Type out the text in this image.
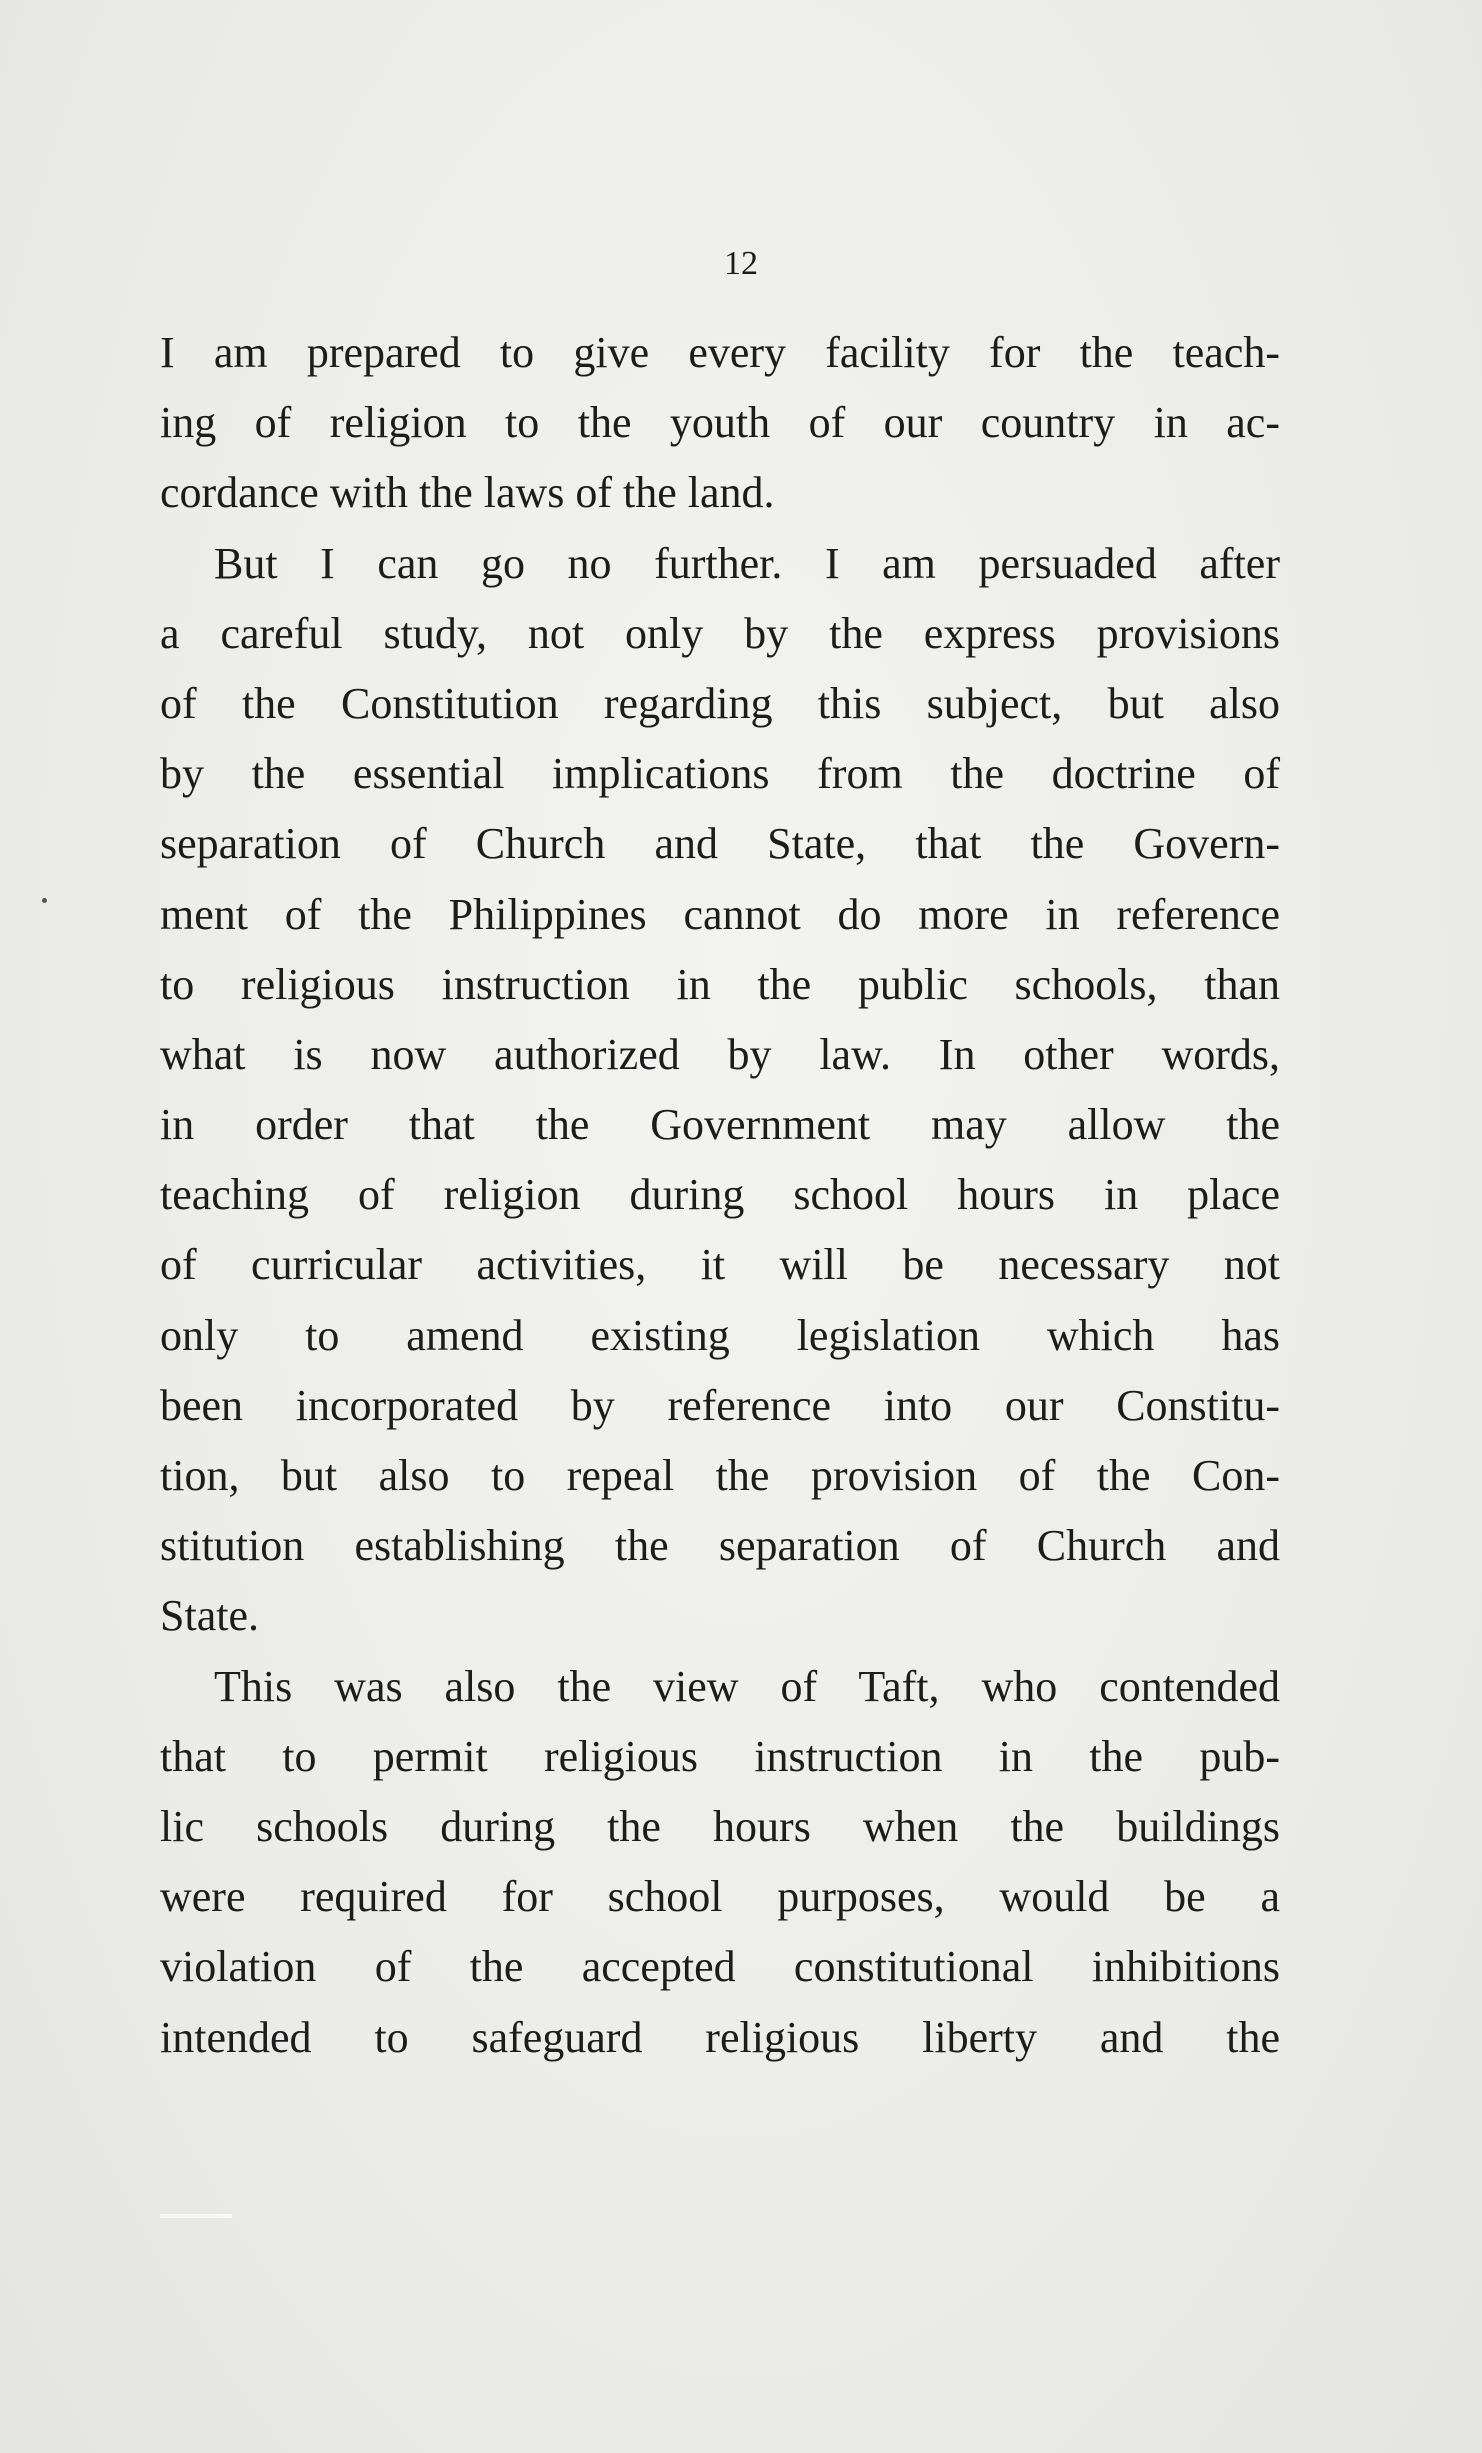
12
I am prepared to give every facility for the teach-
ing of religion to the youth of our country in ac-
cordance with the laws of the land.
But I can go no further. I am persuaded after
a careful study, not only by the express provisions
of the Constitution regarding this subject, but also
by the essential implications from the doctrine of
separation of Church and State, that the Govern-
ment of the Philippines cannot do more in reference
to religious instruction in the public schools, than
what is now authorized by law. In other words,
in order that the Government may allow the
teaching of religion during school hours in place
of curricular activities, it will be necessary not
only to amend existing legislation which has
been incorporated by reference into our Constitu-
tion, but also to repeal the provision of the Con-
stitution establishing the separation of Church and
State.
This was also the view of Taft, who contended
that to permit religious instruction in the pub-
lic schools during the hours when the buildings
were required for school purposes, would be a
violation of the accepted constitutional inhibitions
intended to safeguard religious liberty and the
